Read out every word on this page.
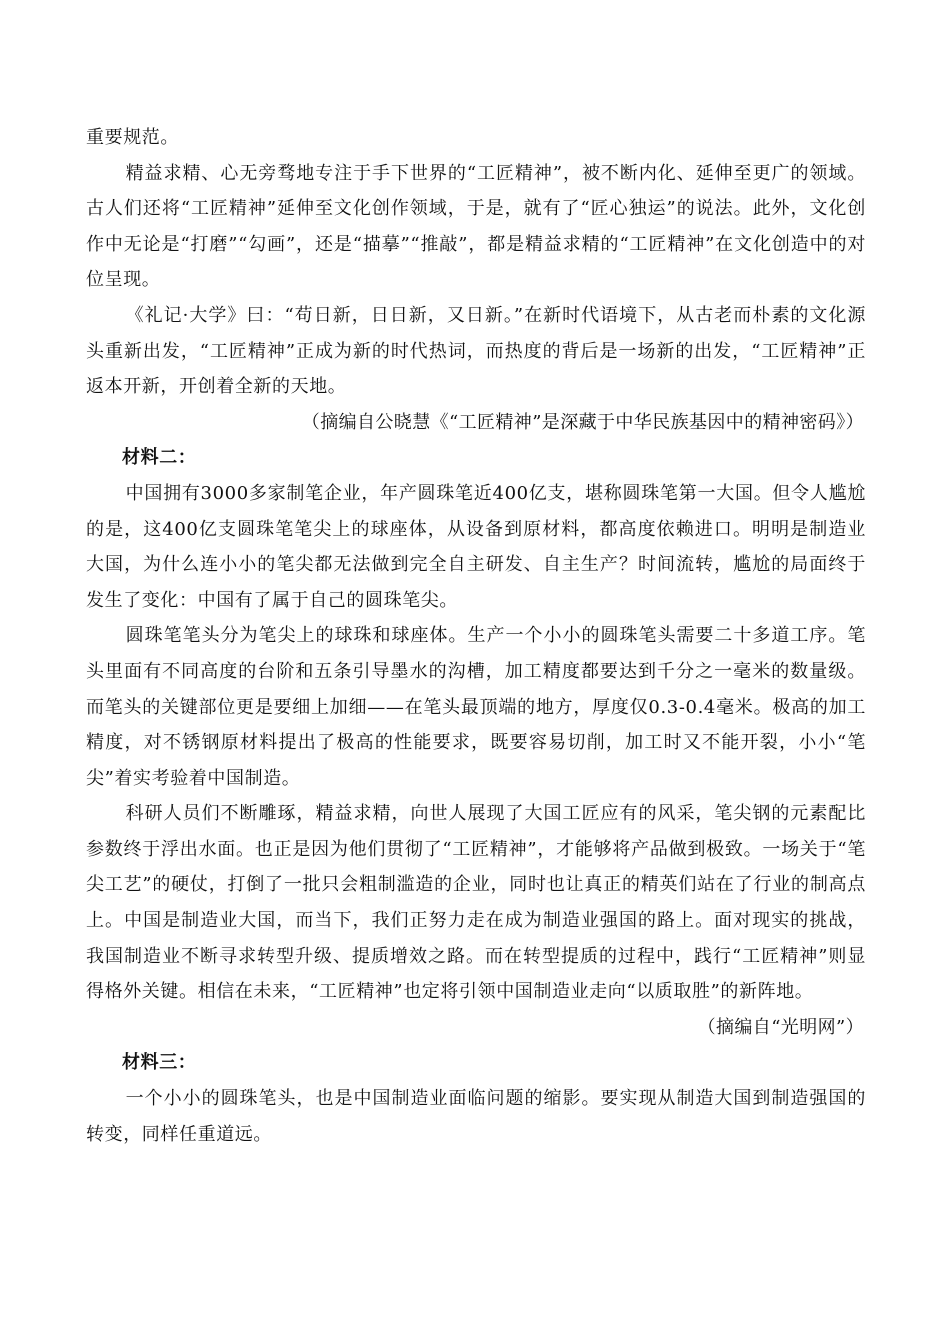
重要规范。

精益求精、心无旁骛地专注于手下世界的“工匠精神”，被不断内化、延伸至更广的领域。古人们还将“工匠精神”延伸至文化创作领域，于是，就有了“匠心独运”的说法。此外，文化创作中无论是“打磨”“勾画”，还是“描摹”“推敲”，都是精益求精的“工匠精神”在文化创造中的对位呈现。

《礼记·大学》曰：“苟日新，日日新，又日新。”在新时代语境下，从古老而朴素的文化源头重新出发，“工匠精神”正成为新的时代热词，而热度的背后是一场新的出发，“工匠精神”正返本开新，开创着全新的天地。

（摘编自公晓慧《“工匠精神”是深藏于中华民族基因中的精神密码》）

材料二：

中国拥有3000多家制笔企业，年产圆珠笔近400亿支，堪称圆珠笔第一大国。但令人尴尬的是，这400亿支圆珠笔笔尖上的球座体，从设备到原材料，都高度依赖进口。明明是制造业大国，为什么连小小的笔尖都无法做到完全自主研发、自主生产？时间流转，尴尬的局面终于发生了变化：中国有了属于自己的圆珠笔尖。

圆珠笔笔头分为笔尖上的球珠和球座体。生产一个小小的圆珠笔头需要二十多道工序。笔头里面有不同高度的台阶和五条引导墨水的沟槽，加工精度都要达到千分之一毫米的数量级。而笔头的关键部位更是要细上加细——在笔头最顶端的地方，厚度仅0.3-0.4毫米。极高的加工精度，对不锈钢原材料提出了极高的性能要求，既要容易切削，加工时又不能开裂，小小“笔尖”着实考验着中国制造。

科研人员们不断雕琢，精益求精，向世人展现了大国工匠应有的风采，笔尖钢的元素配比参数终于浮出水面。也正是因为他们贯彻了“工匠精神”，才能够将产品做到极致。一场关于“笔尖工艺”的硬仗，打倒了一批只会粗制滥造的企业，同时也让真正的精英们站在了行业的制高点上。中国是制造业大国，而当下，我们正努力走在成为制造业强国的路上。面对现实的挑战，我国制造业不断寻求转型升级、提质增效之路。而在转型提质的过程中，践行“工匠精神”则显得格外关键。相信在未来，“工匠精神”也定将引领中国制造业走向“以质取胜”的新阵地。

（摘编自“光明网”）

材料三：

一个小小的圆珠笔头，也是中国制造业面临问题的缩影。要实现从制造大国到制造强国的转变，同样任重道远。
